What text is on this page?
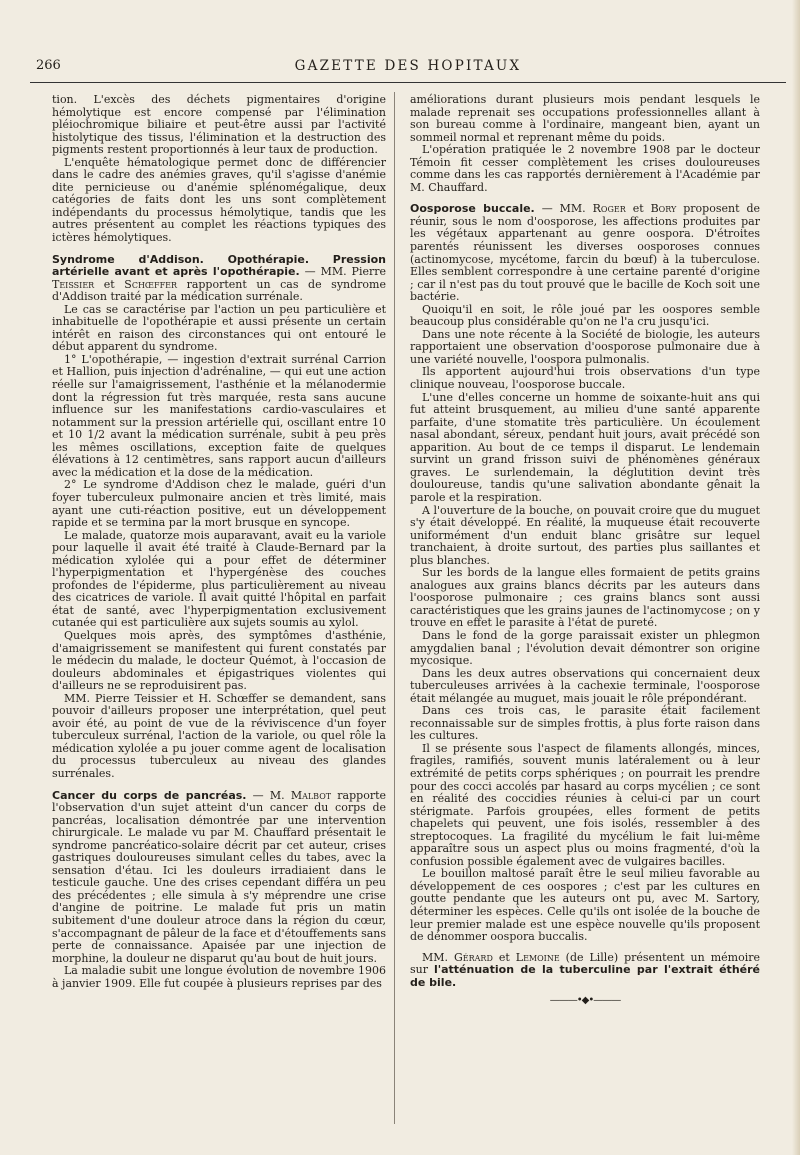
266	GAZETTE DES HOPITAUX

tion. L'excès des déchets pigmentaires d'origine hémolytique est encore compensé par l'élimination pléiochromique biliaire et peut-être aussi par l'activité histolytique des tissus, l'élimination et la destruction des pigments restent proportionnés à leur taux de production.

L'enquête hématologique permet donc de différencier dans le cadre des anémies graves, qu'il s'agisse d'anémie dite pernicieuse ou d'anémie splénomégalique, deux catégories de faits dont les uns sont complètement indépendants du processus hémolytique, tandis que les autres présentent au complet les réactions typiques des ictères hémolytiques.

Syndrome d'Addison. Opothérapie. Pression artérielle avant et après l'opothérapie. — MM. Pierre Teissier et Schœffer rapportent un cas de syndrome d'Addison traité par la médication surrénale.

Le cas se caractérise par l'action un peu particulière et inhabituelle de l'opothérapie et aussi présente un certain intérêt en raison des circonstances qui ont entouré le début apparent du syndrome.

1° L'opothérapie, — ingestion d'extrait surrénal Carrion et Hallion, puis injection d'adrénaline, — qui eut une action réelle sur l'amaigrissement, l'asthénie et la mélanodermie dont la régression fut très marquée, resta sans aucune influence sur les manifestations cardio-vasculaires et notamment sur la pression artérielle qui, oscillant entre 10 et 10 1/2 avant la médication surrénale, subit à peu près les mêmes oscillations, exception faite de quelques élévations à 12 centimètres, sans rapport aucun d'ailleurs avec la médication et la dose de la médication.

2° Le syndrome d'Addison chez le malade, guéri d'un foyer tuberculeux pulmonaire ancien et très limité, mais ayant une cuti-réaction positive, eut un développement rapide et se termina par la mort brusque en syncope.

Le malade, quatorze mois auparavant, avait eu la variole pour laquelle il avait été traité à Claude-Bernard par la médication xylolée qui a pour effet de déterminer l'hyperpigmentation et l'hypergénèse des couches profondes de l'épiderme, plus particulièrement au niveau des cicatrices de variole. Il avait quitté l'hôpital en parfait état de santé, avec l'hyperpigmentation exclusivement cutanée qui est particulière aux sujets soumis au xylol.

Quelques mois après, des symptômes d'asthénie, d'amaigrissement se manifestent qui furent constatés par le médecin du malade, le docteur Quémot, à l'occasion de douleurs abdominales et épigastriques violentes qui d'ailleurs ne se reproduisirent pas.

MM. Pierre Teissier et H. Schœffer se demandent, sans pouvoir d'ailleurs proposer une interprétation, quel peut avoir été, au point de vue de la réviviscence d'un foyer tuberculeux surrénal, l'action de la variole, ou quel rôle la médication xylolée a pu jouer comme agent de localisation du processus tuberculeux au niveau des glandes surrénales.

Cancer du corps de pancréas. — M. Malbot rapporte l'observation d'un sujet atteint d'un cancer du corps de pancréas, localisation démontrée par une intervention chirurgicale. Le malade vu par M. Chauffard présentait le syndrome pancréatico-solaire décrit par cet auteur, crises gastriques douloureuses simulant celles du tabes, avec la sensation d'étau. Ici les douleurs irradiaient dans le testicule gauche. Une des crises cependant différa un peu des précédentes ; elle simula à s'y méprendre une crise d'angine de poitrine. Le malade fut pris un matin subitement d'une douleur atroce dans la région du cœur, s'accompagnant de pâleur de la face et d'étouffements sans perte de connaissance. Apaisée par une injection de morphine, la douleur ne disparut qu'au bout de huit jours.

La maladie subit une longue évolution de novembre 1906 à janvier 1909. Elle fut coupée à plusieurs reprises par des

améliorations durant plusieurs mois pendant lesquels le malade reprenait ses occupations professionnelles allant à son bureau comme à l'ordinaire, mangeant bien, ayant un sommeil normal et reprenant même du poids.

L'opération pratiquée le 2 novembre 1908 par le docteur Témoin fit cesser complètement les crises douloureuses comme dans les cas rapportés dernièrement à l'Académie par M. Chauffard.

Oosporose buccale. — MM. Roger et Bory proposent de réunir, sous le nom d'oosporose, les affections produites par les végétaux appartenant au genre oospora. D'étroites parentés réunissent les diverses oosporoses connues (actinomycose, mycétome, farcin du bœuf) à la tuberculose. Elles semblent correspondre à une certaine parenté d'origine ; car il n'est pas du tout prouvé que le bacille de Koch soit une bactérie.

Quoiqu'il en soit, le rôle joué par les oospores semble beaucoup plus considérable qu'on ne l'a cru jusqu'ici.

Dans une note récente à la Société de biologie, les auteurs rapportaient une observation d'oosporose pulmonaire due à une variété nouvelle, l'oospora pulmonalis.

Ils apportent aujourd'hui trois observations d'un type clinique nouveau, l'oosporose buccale.

L'une d'elles concerne un homme de soixante-huit ans qui fut atteint brusquement, au milieu d'une santé apparente parfaite, d'une stomatite très particulière. Un écoulement nasal abondant, séreux, pendant huit jours, avait précédé son apparition. Au bout de ce temps il disparut. Le lendemain survint un grand frisson suivi de phénomènes généraux graves. Le surlendemain, la déglutition devint très douloureuse, tandis qu'une salivation abondante gênait la parole et la respiration.

A l'ouverture de la bouche, on pouvait croire que du muguet s'y était développé. En réalité, la muqueuse était recouverte uniformément d'un enduit blanc grisâtre sur lequel tranchaient, à droite surtout, des parties plus saillantes et plus blanches.

Sur les bords de la langue elles formaient de petits grains analogues aux grains blancs décrits par les auteurs dans l'oosporose pulmonaire ; ces grains blancs sont aussi caractéristiques que les grains jaunes de l'actinomycose ; on y trouve en effet le parasite à l'état de pureté.

Dans le fond de la gorge paraissait exister un phlegmon amygdalien banal ; l'évolution devait démontrer son origine mycosique.

Dans les deux autres observations qui concernaient deux tuberculeuses arrivées à la cachexie terminale, l'oosporose était mélangée au muguet, mais jouait le rôle prépondérant.

Dans ces trois cas, le parasite était facilement reconnaissable sur de simples frottis, à plus forte raison dans les cultures.

Il se présente sous l'aspect de filaments allongés, minces, fragiles, ramifiés, souvent munis latéralement ou à leur extrémité de petits corps sphériques ; on pourrait les prendre pour des cocci accolés par hasard au corps mycélien ; ce sont en réalité des coccidies réunies à celui-ci par un court stérigmate. Parfois groupées, elles forment de petits chapelets qui peuvent, une fois isolés, ressembler à des streptocoques. La fragilité du mycélium le fait lui-même apparaître sous un aspect plus ou moins fragmenté, d'où la confusion possible également avec de vulgaires bacilles.

Le bouillon maltosé paraît être le seul milieu favorable au développement de ces oospores ; c'est par les cultures en goutte pendante que les auteurs ont pu, avec M. Sartory, déterminer les espèces. Celle qu'ils ont isolée de la bouche de leur premier malade est une espèce nouvelle qu'ils proposent de dénommer oospora buccalis.

MM. Gérard et Lemoine (de Lille) présentent un mémoire sur l'atténuation de la tuberculine par l'extrait éthéré de bile.

———•◆•———
